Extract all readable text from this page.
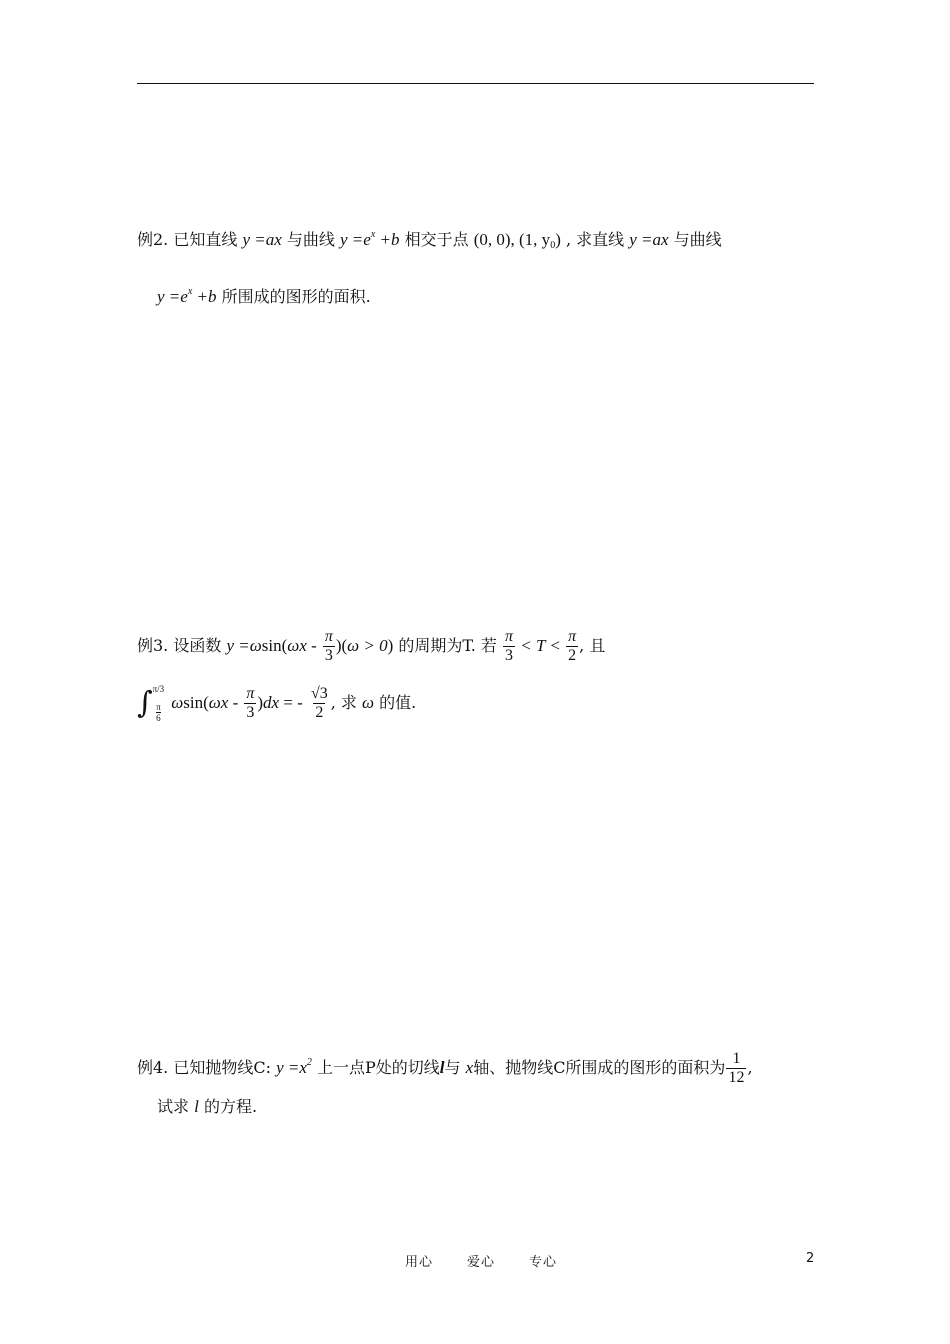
例2. 已知直线 y =ax 与曲线 $y =e^x +b$ 相交于点 (0, 0), (1, $y_0$) , 求直线 y =ax 与曲线
$y =e^x +b$ 所围成的图形的面积.
例3. 设函数 $y =\omega\sin(\omega x - \frac{\pi}{3} )(\omega > 0)$ 的周期为T. 若 $\frac{\pi}{3} < T < \frac{\pi}{2}$ , 且
∫ π/3
π
6
$\omega\sin(\omega x - \frac{\pi}{3} )dx$ = - $\frac{√3}{2}$ , 求 ω 的值.
例4. 已知抛物线C: $y =x^2$ 上一点P处的切线l与 x轴、抛物线C所围成的图形的面积为 $\frac{1}{12}$ ,
试求 l 的方程.
用心	爱心	专心	2
